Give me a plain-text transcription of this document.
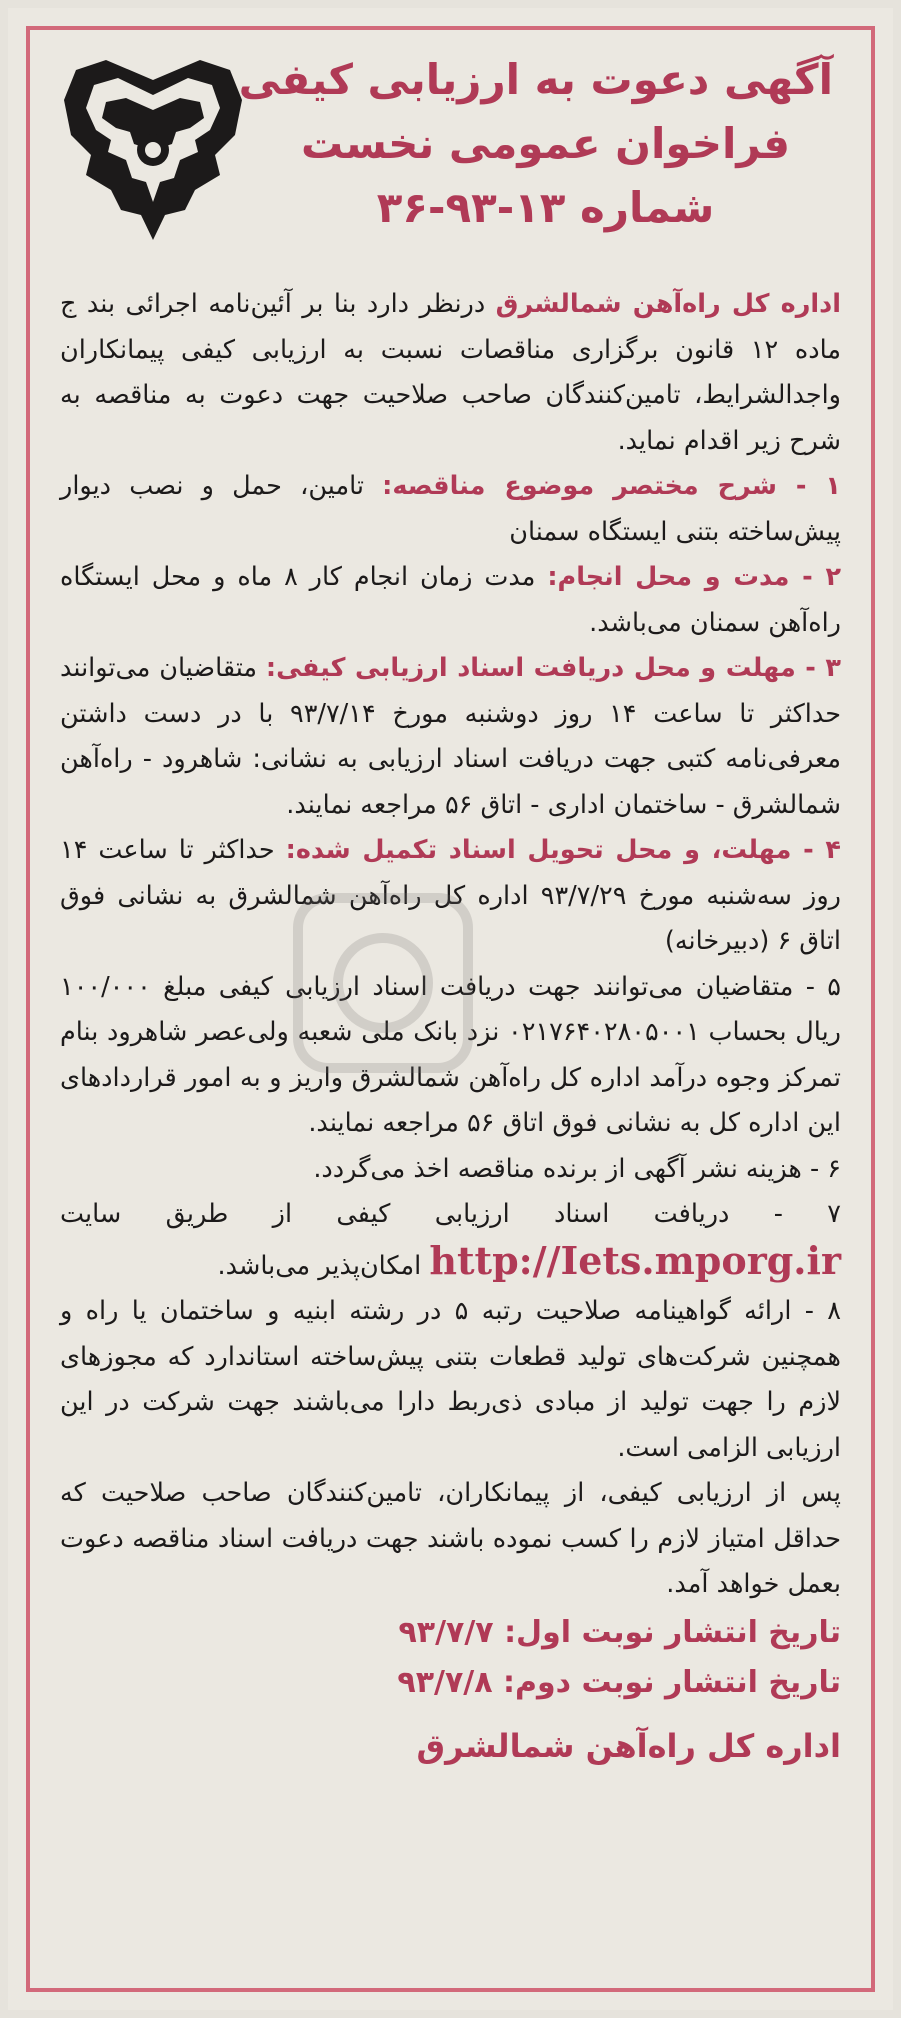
آگهی دعوت به ارزیابی کیفی
فراخوان عمومی نخست
شماره ۱۳-۹۳-۳۶

اداره کل راه‌آهن شمالشرق درنظر دارد بنا بر آئین‌نامه اجرائی بند ج ماده ۱۲ قانون برگزاری مناقصات نسبت به ارزیابی کیفی پیمانکاران واجدالشرایط، تامین‌کنندگان صاحب صلاحیت جهت دعوت به مناقصه به شرح زیر اقدام نماید.

۱ - شرح مختصر موضوع مناقصه: تامین، حمل و نصب دیوار پیش‌ساخته بتنی ایستگاه سمنان

۲ - مدت و محل انجام: مدت زمان انجام کار ۸ ماه و محل ایستگاه راه‌آهن سمنان می‌باشد.

۳ - مهلت و محل دریافت اسناد ارزیابی کیفی: متقاضیان می‌توانند حداکثر تا ساعت ۱۴ روز دوشنبه مورخ ۹۳/۷/۱۴ با در دست داشتن معرفی‌نامه کتبی جهت دریافت اسناد ارزیابی به نشانی: شاهرود - راه‌آهن شمالشرق - ساختمان اداری - اتاق ۵۶ مراجعه نمایند.

۴ - مهلت، و محل تحویل اسناد تکمیل شده: حداکثر تا ساعت ۱۴ روز سه‌شنبه مورخ ۹۳/۷/۲۹ اداره کل راه‌آهن شمالشرق به نشانی فوق اتاق ۶ (دبیرخانه)

۵ - متقاضیان می‌توانند جهت دریافت اسناد ارزیابی کیفی مبلغ ۱۰۰/۰۰۰ ریال بحساب ۰۲۱۷۶۴۰۲۸۰۵۰۰۱ نزد بانک ملی شعبه ولی‌عصر شاهرود بنام تمرکز وجوه درآمد اداره کل راه‌آهن شمالشرق واریز و به امور قراردادهای این اداره کل به نشانی فوق اتاق ۵۶ مراجعه نمایند.

۶ - هزینه نشر آگهی از برنده مناقصه اخذ می‌گردد.

۷ - دریافت اسناد ارزیابی کیفی از طریق سایت http://Iets.mporg.ir امکان‌پذیر می‌باشد.

۸ - ارائه گواهینامه صلاحیت رتبه ۵ در رشته ابنیه و ساختمان یا راه و همچنین شرکت‌های تولید قطعات بتنی پیش‌ساخته استاندارد که مجوزهای لازم را جهت تولید از مبادی ذی‌ربط دارا می‌باشند جهت شرکت در این ارزیابی الزامی است.

پس از ارزیابی کیفی، از پیمانکاران، تامین‌کنندگان صاحب صلاحیت که حداقل امتیاز لازم را کسب نموده باشند جهت دریافت اسناد مناقصه دعوت بعمل خواهد آمد.

تاریخ انتشار نوبت اول: ۹۳/۷/۷
تاریخ انتشار نوبت دوم: ۹۳/۷/۸
اداره کل راه‌آهن شمالشرق
